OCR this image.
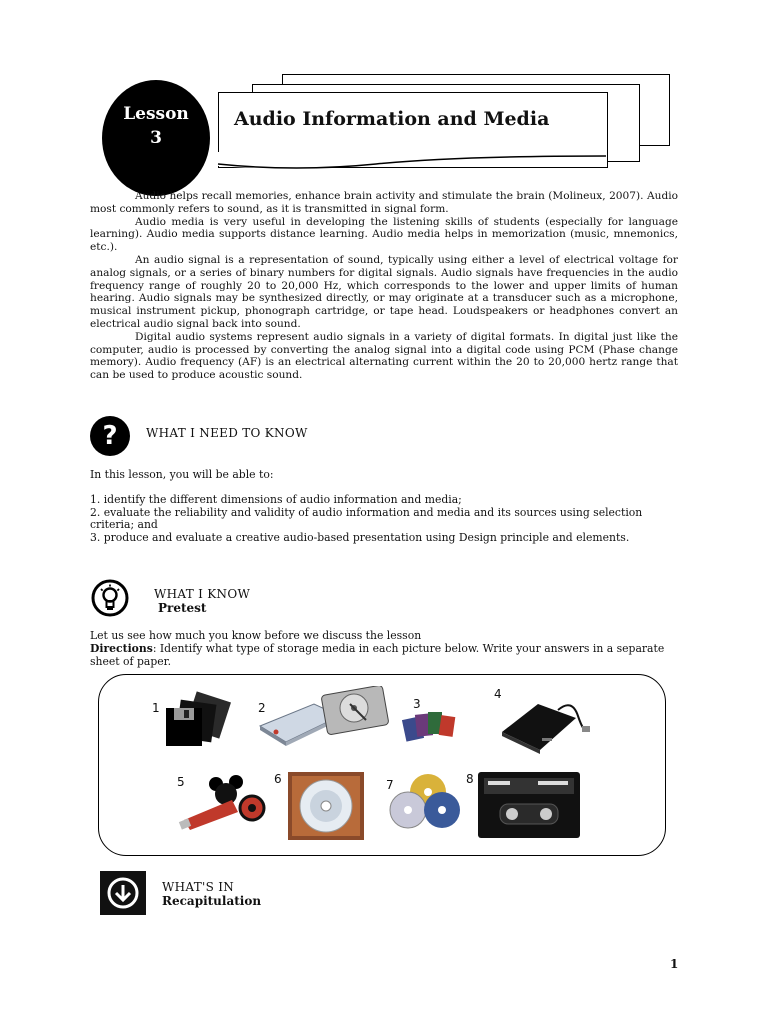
Lesson
3
Audio Information and Media

Audio helps recall memories, enhance brain activity and stimulate the brain (Molineux, 2007). Audio most commonly refers to sound, as it is transmitted in signal form.

Audio media is very useful in developing the listening skills of students (especially for language learning). Audio media supports distance learning. Audio media helps in memorization (music, mnemonics, etc.).

An audio signal is a representation of sound, typically using either a level of electrical voltage for analog signals, or a series of binary numbers for digital signals. Audio signals have frequencies in the audio frequency range of roughly 20 to 20,000 Hz, which corresponds to the lower and upper limits of human hearing. Audio signals may be synthesized directly, or may originate at a transducer such as a microphone, musical instrument pickup, phonograph cartridge, or tape head. Loudspeakers or headphones convert an electrical audio signal back into sound.

Digital audio systems represent audio signals in a variety of digital formats. In digital just like the computer, audio is processed by converting the analog signal into a digital code using PCM (Phase change memory). Audio frequency (AF) is an electrical alternating current within the 20 to 20,000 hertz range that can be used to produce acoustic sound.

?	WHAT I NEED TO KNOW

In this lesson, you will be able to:

1. identify the different dimensions of audio information and media;

2. evaluate the reliability and validity of audio information and media and its sources using selection criteria; and

3. produce and evaluate a creative audio-based presentation using Design principle and elements.

WHAT I KNOW
Pretest

Let us see how much you know before we discuss the lesson

Directions: Identify what type of storage media in each picture below. Write your answers in a separate sheet of paper.

1	2	3
4
5	6	7	8
WHAT'S IN
Recapitulation
1
